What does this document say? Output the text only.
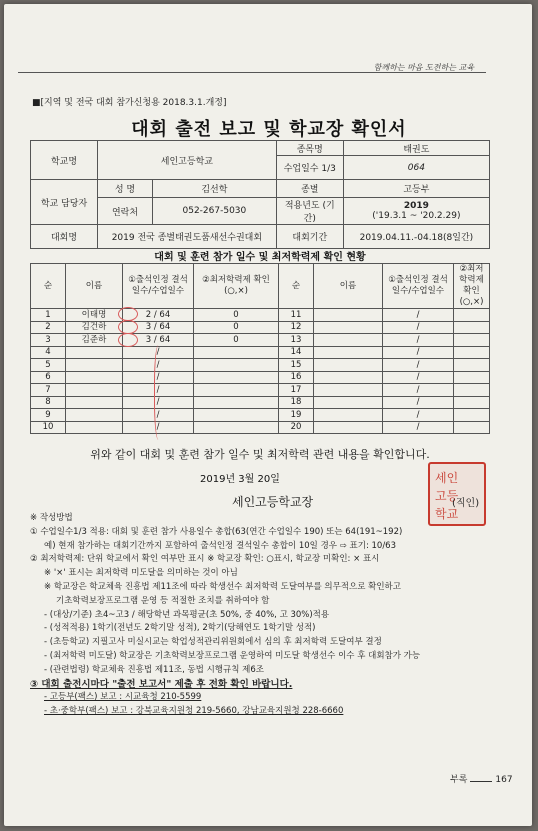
함께하는 마음 도전하는 교육
■[지역 및 전국 대회 참가신청용 2018.3.1.개정]
대회 출전 보고 및 학교장 확인서
학교명	세인고등학교		종목명	태권도
			수업일수 1/3	064
학교 담당자	성 명	김선학	종별	고등부
	연락처	052-267-5030	적용년도 (기간)	2019
('19.3.1 ~ '20.2.29)

대회명	2019 전국 종별태권도품새선수권대회		대회기간	2019.04.11.-04.18(8일간)
대회 및 훈련 참가 일수 및 최저학력제 확인 현황
순	이름	①출석인정 결석일수/수업일수	②최저학력제 확인(○,×)	순	이름	①출석인정 결석일수/수업일수	②최저학력제 확인(○,×)
1	이태명	2 / 64	0	11		/	
2	김건하	3 / 64	0	12		/	
3	김준하	3 / 64	0	13		/	
4		/		14		/	
5		/		15		/	
6		/		16		/	
7		/		17		/	
8		/		18		/	
9		/		19		/	
10		/		20		/	
위와 같이 대회 및 훈련 참가 일수 및 최저학력 관련 내용을 확인합니다.
2019년 3월 20일
세인고등학교장
세인
고등
학교
(직인)
※ 작성방법
① 수업일수1/3 적용: 대회 및 훈련 참가 사용일수 총합(63(연간 수업일수 190) 또는 64(191~192)
예) 현재 참가하는 대회기간까지 포함하여 출석인정 결석일수 총합이 10일 경우 ⇨ 표기: 10/63
② 최저학력제: 단위 학교에서 확인 여부만 표시 ※ 학교장 확인: ○표시, 학교장 미확인: × 표시
※ '×' 표시는 최저학력 미도달을 의미하는 것이 아님
※ 학교장은 학교체육 진흥법 제11조에 따라 학생선수 최저학력 도달여부를 의무적으로 확인하고
기초학력보장프로그램 운영 등 적절한 조치를 취하여야 함
- (대상/기준) 초4~고3 / 해당학년 과목평균(초 50%, 중 40%, 고 30%)적용
- (성적적용) 1학기(전년도 2학기말 성적), 2학기(당해연도 1학기말 성적)
- (초등학교) 지필고사 미실시교는 학업성적관리위원회에서 심의 후 최저학력 도달여부 결정
- (최저학력 미도달) 학교장은 기초학력보장프로그램 운영하여 미도달 학생선수 이수 후 대회참가 가능
- (관련법령) 학교체육 진흥법 제11조, 동법 시행규칙 제6조
③ 대회 출전시마다 "출전 보고서" 제출 후 전화 확인 바랍니다.
- 고등부(팩스) 보고 : 시교육청 210-5599
- 초·중학부(팩스) 보고 : 강북교육지원청 219-5660, 강남교육지원청 228-6660
부록	167
